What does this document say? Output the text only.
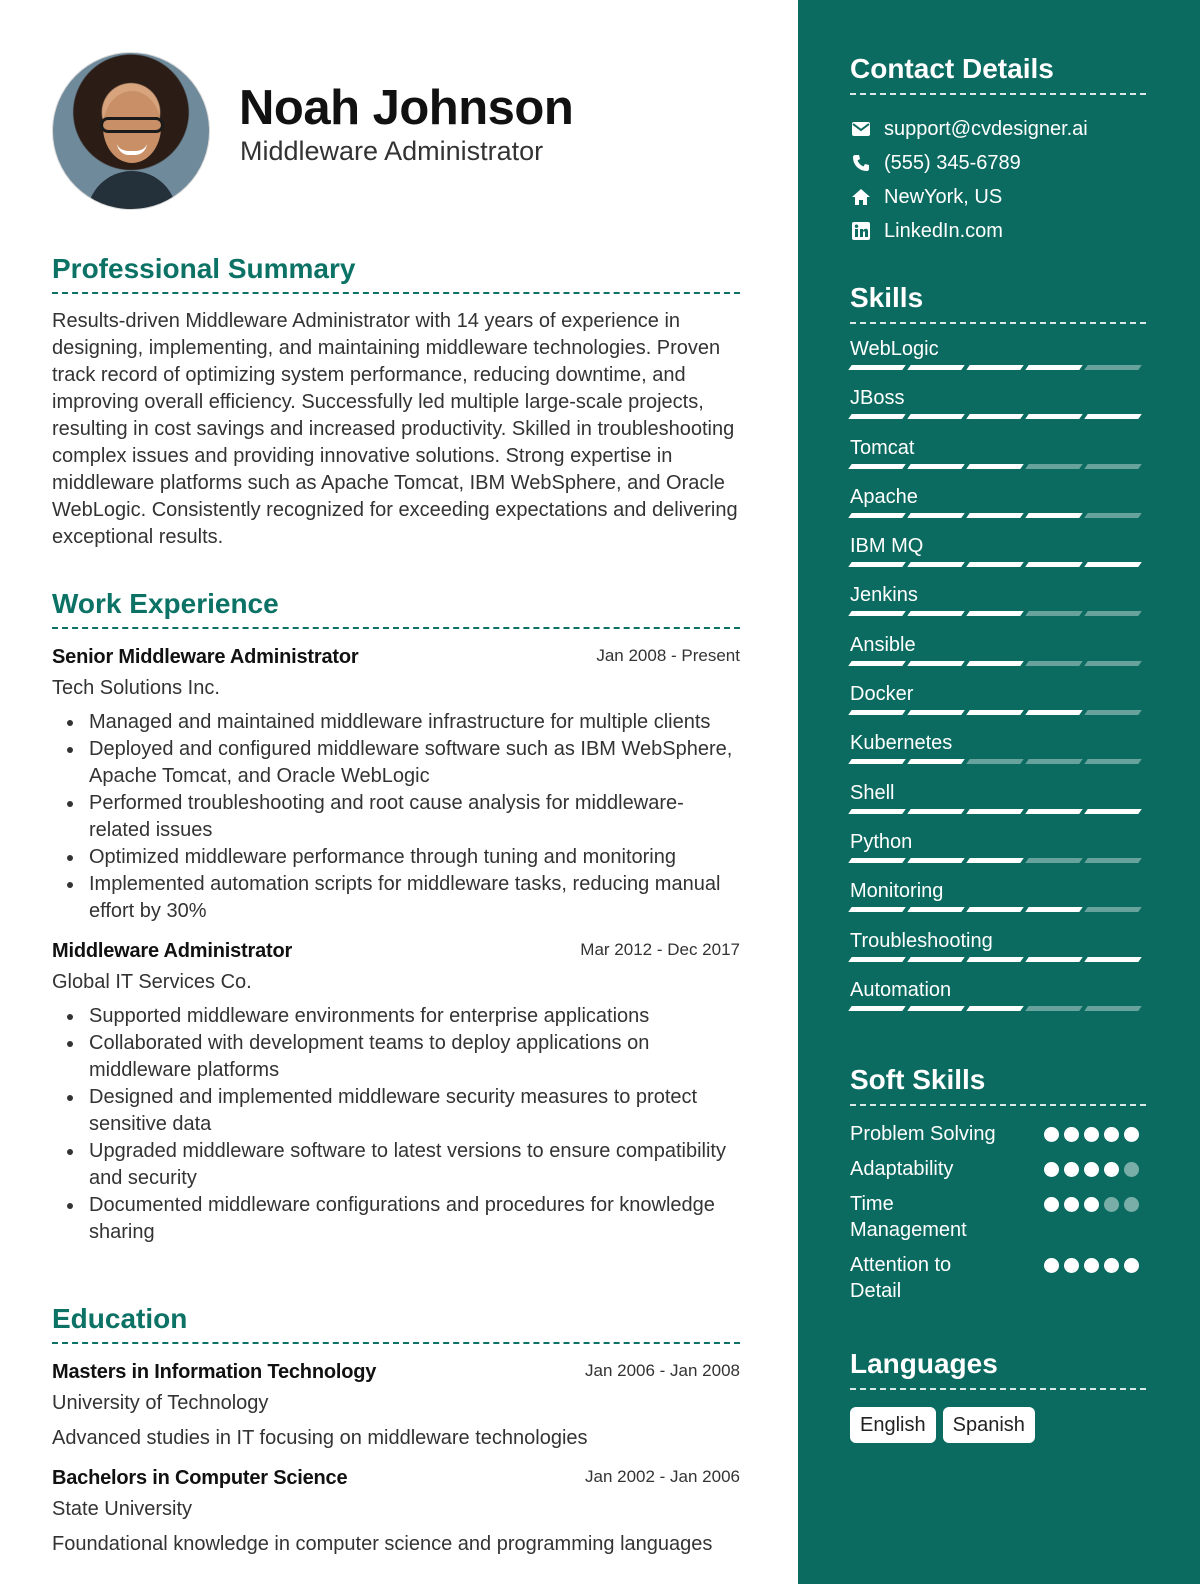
Noah Johnson
Middleware Administrator
Professional Summary

Results-driven Middleware Administrator with 14 years of experience in designing, implementing, and maintaining middleware technologies. Proven track record of optimizing system performance, reducing downtime, and improving overall efficiency. Successfully led multiple large-scale projects, resulting in cost savings and increased productivity. Skilled in troubleshooting complex issues and providing innovative solutions. Strong expertise in middleware platforms such as Apache Tomcat, IBM WebSphere, and Oracle WebLogic. Consistently recognized for exceeding expectations and delivering exceptional results.

Work Experience
Senior Middleware Administrator	Jan 2008 - Present
Tech Solutions Inc.
Managed and maintained middleware infrastructure for multiple clients
Deployed and configured middleware software such as IBM WebSphere, Apache Tomcat, and Oracle WebLogic
Performed troubleshooting and root cause analysis for middleware-related issues
Optimized middleware performance through tuning and monitoring
Implemented automation scripts for middleware tasks, reducing manual effort by 30%
Middleware Administrator	Mar 2012 - Dec 2017
Global IT Services Co.
Supported middleware environments for enterprise applications
Collaborated with development teams to deploy applications on middleware platforms
Designed and implemented middleware security measures to protect sensitive data
Upgraded middleware software to latest versions to ensure compatibility and security
Documented middleware configurations and procedures for knowledge sharing
Education
Masters in Information Technology	Jan 2006 - Jan 2008
University of Technology
Advanced studies in IT focusing on middleware technologies
Bachelors in Computer Science	Jan 2002 - Jan 2006
State University
Foundational knowledge in computer science and programming languages
Contact Details
support@cvdesigner.ai
(555) 345-6789
NewYork, US
LinkedIn.com
Skills
WebLogic
JBoss
Tomcat
Apache
IBM MQ
Jenkins
Ansible
Docker
Kubernetes
Shell
Python
Monitoring
Troubleshooting
Automation
Soft Skills
Problem Solving
Adaptability
Time Management
Attention to Detail
Languages
English	Spanish
